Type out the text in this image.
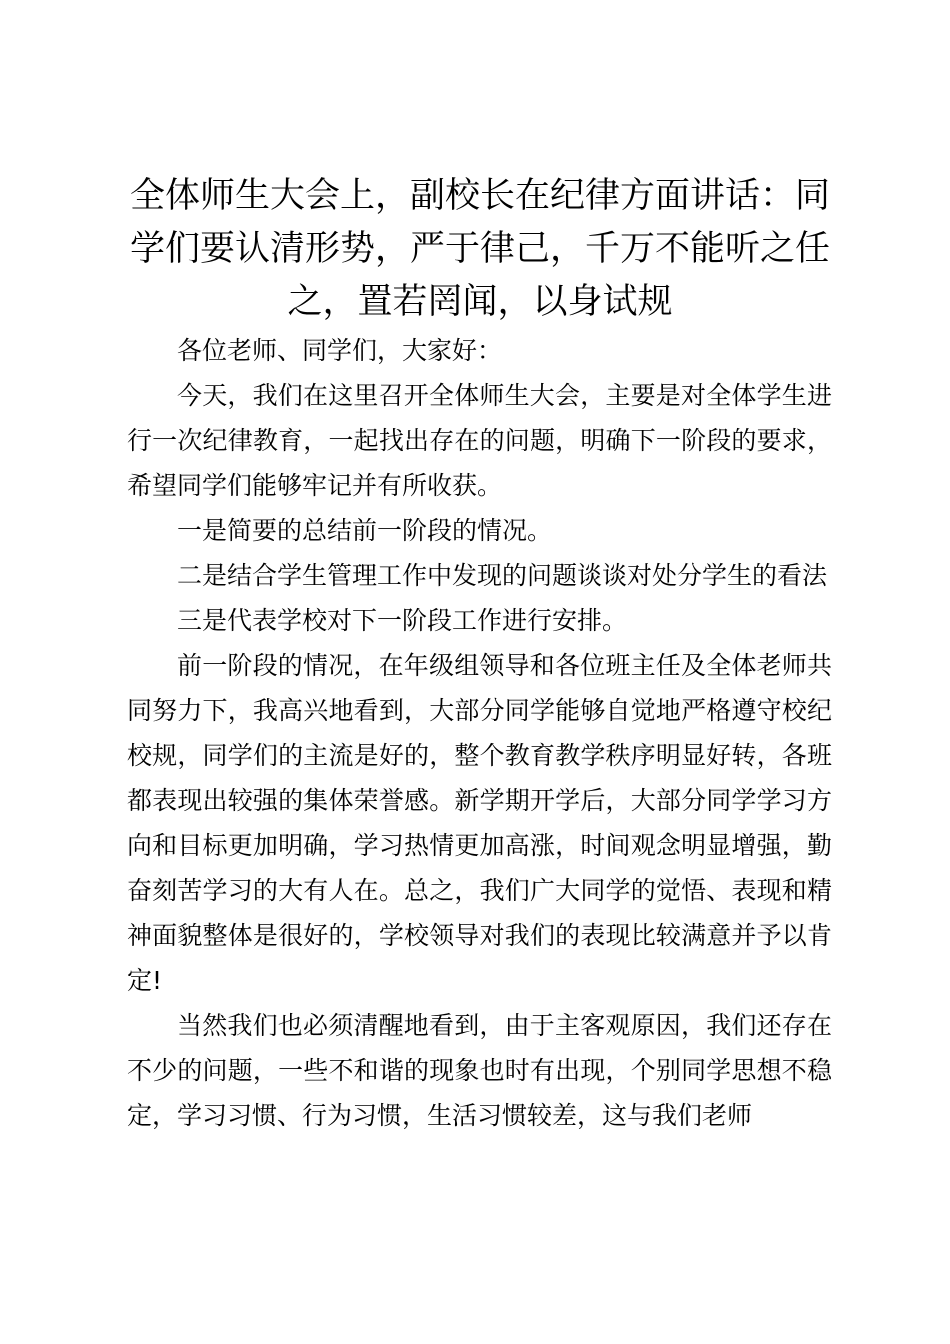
全体师生大会上，副校长在纪律方面讲话：同学们要认清形势，严于律己，千万不能听之任之，置若罔闻，以身试规

各位老师、同学们，大家好：

今天，我们在这里召开全体师生大会，主要是对全体学生进行一次纪律教育，一起找出存在的问题，明确下一阶段的要求，希望同学们能够牢记并有所收获。

一是简要的总结前一阶段的情况。

二是结合学生管理工作中发现的问题谈谈对处分学生的看法

三是代表学校对下一阶段工作进行安排。

前一阶段的情况，在年级组领导和各位班主任及全体老师共同努力下，我高兴地看到，大部分同学能够自觉地严格遵守校纪校规，同学们的主流是好的，整个教育教学秩序明显好转，各班都表现出较强的集体荣誉感。新学期开学后，大部分同学学习方向和目标更加明确，学习热情更加高涨，时间观念明显增强，勤奋刻苦学习的大有人在。总之，我们广大同学的觉悟、表现和精神面貌整体是很好的，学校领导对我们的表现比较满意并予以肯定!

当然我们也必须清醒地看到，由于主客观原因，我们还存在不少的问题，一些不和谐的现象也时有出现，个别同学思想不稳定，学习习惯、行为习惯，生活习惯较差，这与我们老师
